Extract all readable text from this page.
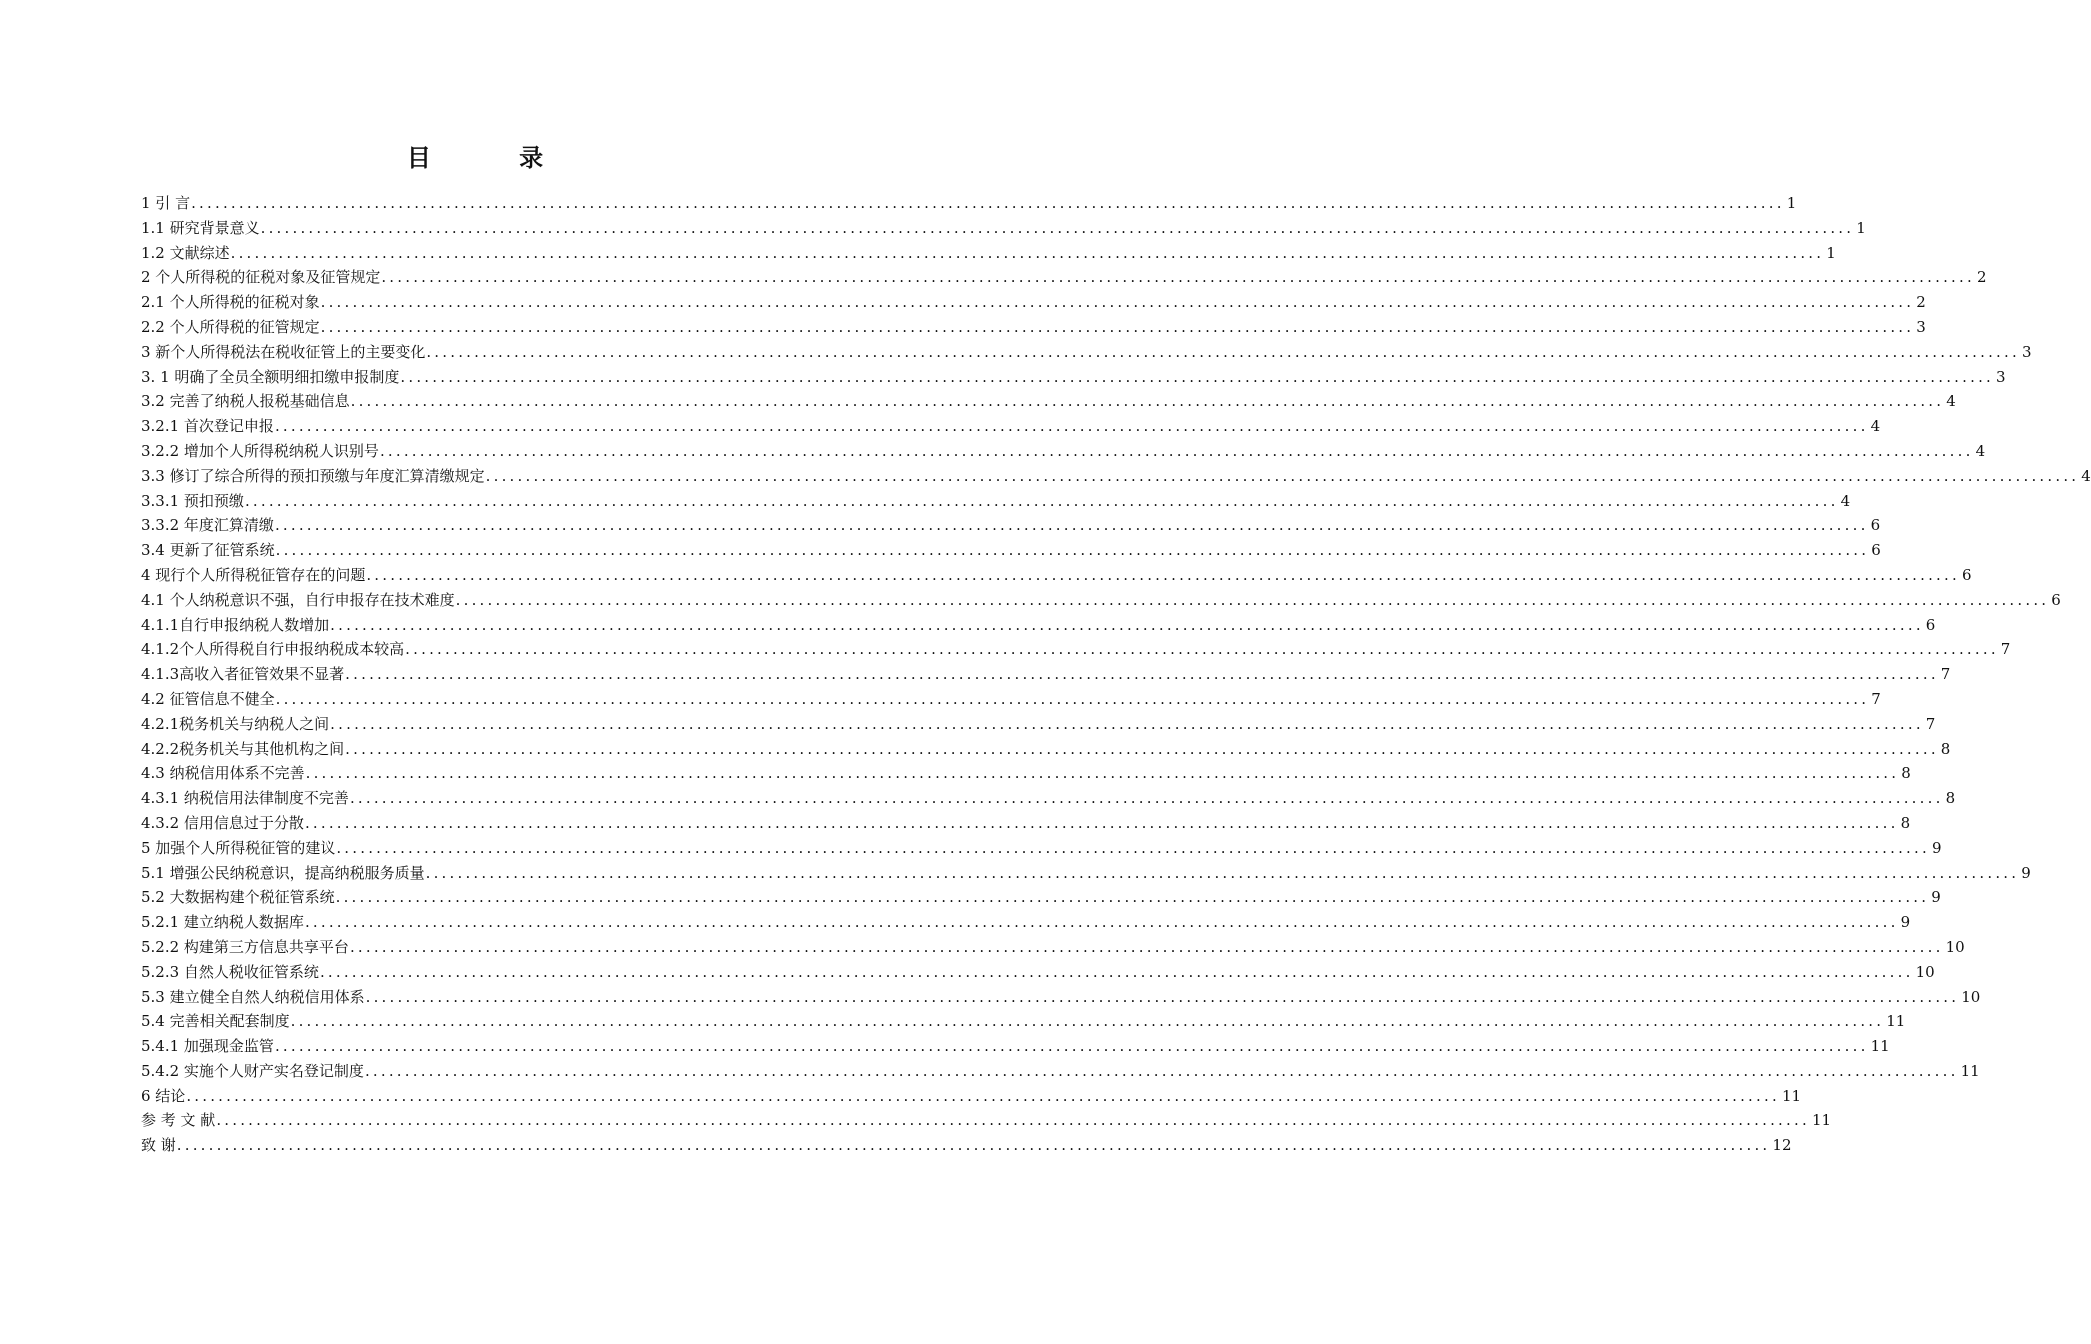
目 录
1 引 言 ........................................................................................................................................................................................................ 1
1.1 研究背景意义 ........................................................................................................................................................................................................ 1
1.2 文献综述 ........................................................................................................................................................................................................ 1
2 个人所得税的征税对象及征管规定 ........................................................................................................................................................................................................ 2
2.1 个人所得税的征税对象 ........................................................................................................................................................................................................ 2
2.2 个人所得税的征管规定 ........................................................................................................................................................................................................ 3
3 新个人所得税法在税收征管上的主要变化 ........................................................................................................................................................................................................ 3
3. 1 明确了全员全额明细扣缴申报制度 ........................................................................................................................................................................................................ 3
3.2 完善了纳税人报税基础信息 ........................................................................................................................................................................................................ 4
3.2.1 首次登记申报 ........................................................................................................................................................................................................ 4
3.2.2 增加个人所得税纳税人识别号 ........................................................................................................................................................................................................ 4
3.3 修订了综合所得的预扣预缴与年度汇算清缴规定 ........................................................................................................................................................................................................ 4
3.3.1 预扣预缴 ........................................................................................................................................................................................................ 4
3.3.2 年度汇算清缴 ........................................................................................................................................................................................................ 6
3.4 更新了征管系统 ........................................................................................................................................................................................................ 6
4 现行个人所得税征管存在的问题 ........................................................................................................................................................................................................ 6
4.1 个人纳税意识不强，自行申报存在技术难度 ........................................................................................................................................................................................................ 6
4.1.1自行申报纳税人数增加 ........................................................................................................................................................................................................ 6
4.1.2个人所得税自行申报纳税成本较高 ........................................................................................................................................................................................................ 7
4.1.3高收入者征管效果不显著 ........................................................................................................................................................................................................ 7
4.2 征管信息不健全 ........................................................................................................................................................................................................ 7
4.2.1税务机关与纳税人之间 ........................................................................................................................................................................................................ 7
4.2.2税务机关与其他机构之间 ........................................................................................................................................................................................................ 8
4.3 纳税信用体系不完善 ........................................................................................................................................................................................................ 8
4.3.1 纳税信用法律制度不完善 ........................................................................................................................................................................................................ 8
4.3.2 信用信息过于分散 ........................................................................................................................................................................................................ 8
5 加强个人所得税征管的建议 ........................................................................................................................................................................................................ 9
5.1 增强公民纳税意识，提高纳税服务质量 ........................................................................................................................................................................................................ 9
5.2 大数据构建个税征管系统 ........................................................................................................................................................................................................ 9
5.2.1 建立纳税人数据库 ........................................................................................................................................................................................................ 9
5.2.2 构建第三方信息共享平台 ........................................................................................................................................................................................................ 10
5.2.3 自然人税收征管系统 ........................................................................................................................................................................................................ 10
5.3 建立健全自然人纳税信用体系 ........................................................................................................................................................................................................ 10
5.4 完善相关配套制度 ........................................................................................................................................................................................................ 11
5.4.1 加强现金监管 ........................................................................................................................................................................................................ 11
5.4.2 实施个人财产实名登记制度 ........................................................................................................................................................................................................ 11
6 结论 ........................................................................................................................................................................................................ 11
参 考 文 献 ........................................................................................................................................................................................................ 11
致 谢 ........................................................................................................................................................................................................ 12
